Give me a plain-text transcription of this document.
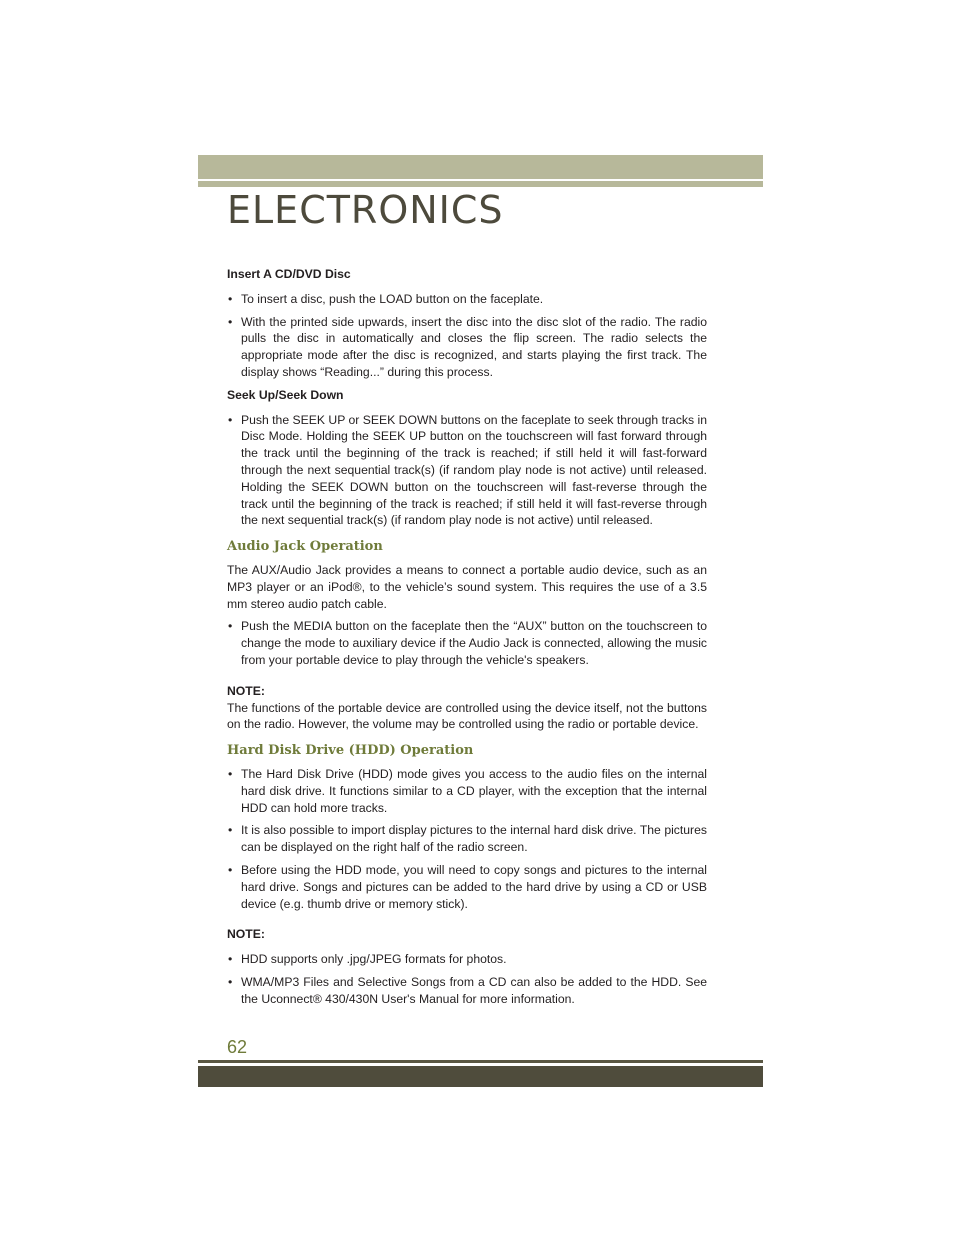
ELECTRONICS
Insert A CD/DVD Disc
• To insert a disc, push the LOAD button on the faceplate.
• With the printed side upwards, insert the disc into the disc slot of the radio. The radio pulls the disc in automatically and closes the flip screen. The radio selects the appropriate mode after the disc is recognized, and starts playing the first track. The display shows “Reading...” during this process.
Seek Up/Seek Down
• Push the SEEK UP or SEEK DOWN buttons on the faceplate to seek through tracks in Disc Mode. Holding the SEEK UP button on the touchscreen will fast forward through the track until the beginning of the track is reached; if still held it will fast-forward through the next sequential track(s) (if random play node is not active) until released. Holding the SEEK DOWN button on the touchscreen will fast-reverse through the track until the beginning of the track is reached; if still held it will fast-reverse through the next sequential track(s) (if random play node is not active) until released.
Audio Jack Operation
The AUX/Audio Jack provides a means to connect a portable audio device, such as an MP3 player or an iPod®, to the vehicle’s sound system. This requires the use of a 3.5 mm stereo audio patch cable.
• Push the MEDIA button on the faceplate then the “AUX” button on the touchscreen to change the mode to auxiliary device if the Audio Jack is connected, allowing the music from your portable device to play through the vehicle's speakers.
NOTE:
The functions of the portable device are controlled using the device itself, not the buttons on the radio. However, the volume may be controlled using the radio or portable device.
Hard Disk Drive (HDD) Operation
• The Hard Disk Drive (HDD) mode gives you access to the audio files on the internal hard disk drive. It functions similar to a CD player, with the exception that the internal HDD can hold more tracks.
• It is also possible to import display pictures to the internal hard disk drive. The pictures can be displayed on the right half of the radio screen.
• Before using the HDD mode, you will need to copy songs and pictures to the internal hard drive. Songs and pictures can be added to the hard drive by using a CD or USB device (e.g. thumb drive or memory stick).
NOTE:
• HDD supports only .jpg/JPEG formats for photos.
• WMA/MP3 Files and Selective Songs from a CD can also be added to the HDD. See the Uconnect® 430/430N User's Manual for more information.
62
